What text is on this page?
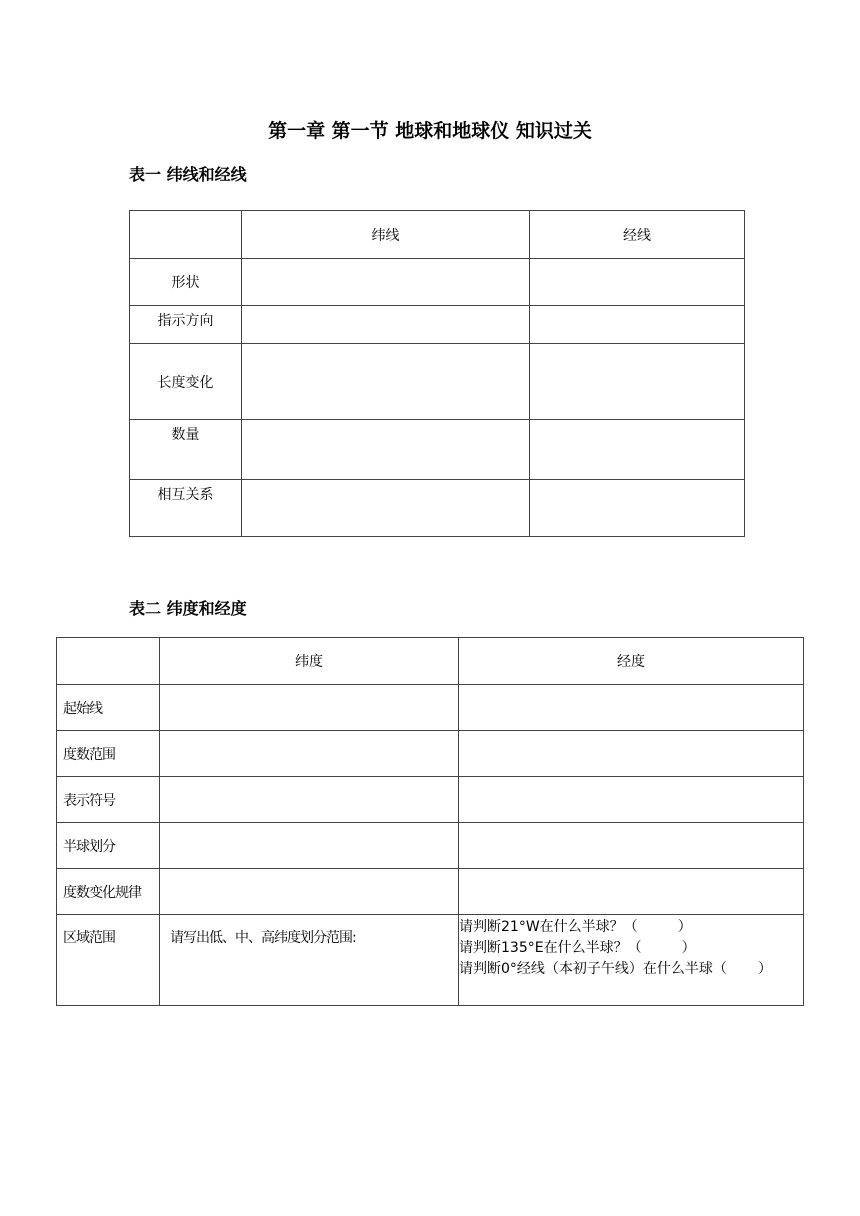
第一章 第一节 地球和地球仪 知识过关
表一 纬线和经线
	纬线	经线
形状		
指示方向		
长度变化		
数量		
相互关系		
表二 纬度和经度
	纬度	经度
起始线		
度数范围		
表示符号		
半球划分		
度数变化规律		
区域范围	请写出低、中、高纬度划分范围:	请判断21°W在什么半球？（         ）
请判断135°E在什么半球？（         ）
请判断0°经线（本初子午线）在什么半球（       ）
